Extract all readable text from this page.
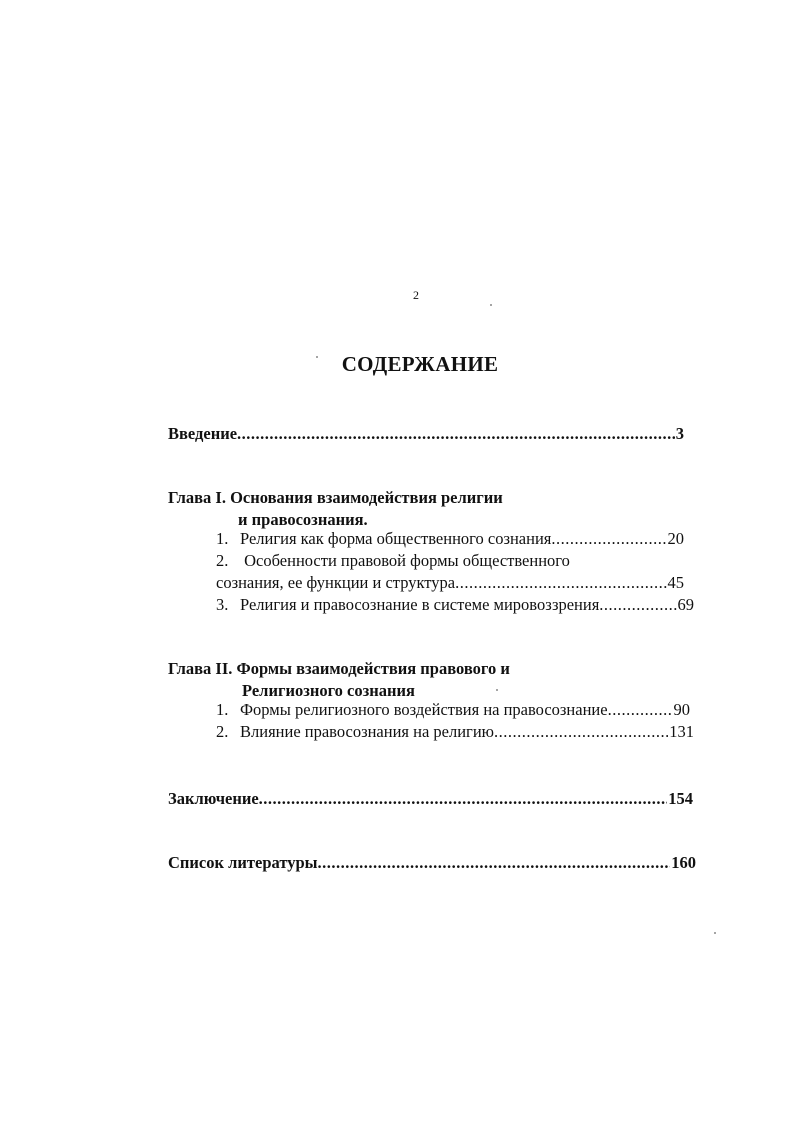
2
СОДЕРЖАНИЕ
Введение .....	3
Глава I. Основания взаимодействия религии
и правосознания.
1. Религия как форма общественного сознания .....	20
2. Особенности правовой формы общественного
сознания, ее функции и структура .....	45
3. Религия и правосознание в системе мировоззрения .....	69
Глава II. Формы взаимодействия правового и
Религиозного сознания
1. Формы религиозного воздействия на правосознание .....	90
2. Влияние правосознания на религию .....	131
Заключение .....	154
Список литературы .....	160
